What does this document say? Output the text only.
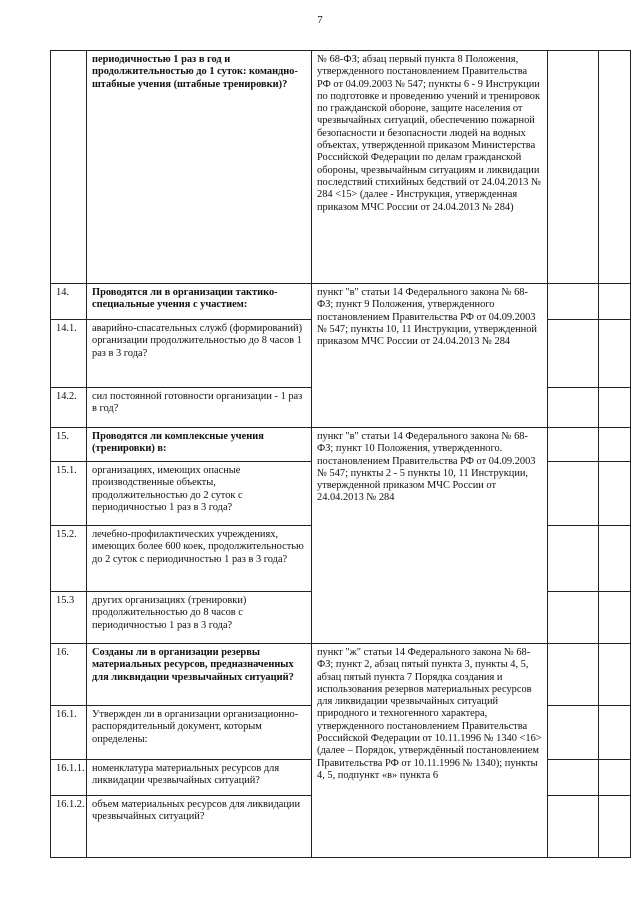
7
	периодичностью 1 раз в год и продолжительностью до 1 суток: командно-штабные учения (штабные тренировки)?	№ 68-ФЗ; абзац первый пункта 8 Положения, утвержденного постановлением Правительства РФ от 04.09.2003 № 547; пункты 6 - 9 Инструкции по подготовке и проведению учений и тренировок по гражданской обороне, защите населения от чрезвычайных ситуаций, обеспечению пожарной безопасности и безопасности людей на водных объектах, утвержденной приказом Министерства Российской Федерации по делам гражданской обороны, чрезвычайным ситуациям и ликвидации последствий стихийных бедствий от 24.04.2013 № 284 <15> (далее - Инструкция, утвержденная приказом МЧС России от 24.04.2013 № 284)		
14.	Проводятся ли в организации тактико-специальные учения с участием:	пункт "в" статьи 14 Федерального закона № 68-ФЗ; пункт 9 Положения, утвержденного постановлением Правительства РФ от 04.09.2003 № 547; пункты 10, 11 Инструкции, утвержденной приказом МЧС России от 24.04.2013 № 284		
14.1.	аварийно-спасательных служб (формирований) организации продолжительностью до 8 часов 1 раз в 3 года?			
14.2.	сил постоянной готовности организации - 1 раз в год?			
15.	Проводятся ли комплексные учения (тренировки) в:	пункт "в" статьи 14 Федерального закона № 68-ФЗ; пункт 10 Положения, утвержденного. постановлением Правительства РФ от 04.09.2003 № 547; пункты 2 - 5 пункты 10, 11 Инструкции, утвержденной приказом МЧС России от 24.04.2013 № 284		
15.1.	организациях, имеющих опасные производственные объекты, продолжительностью до 2 суток с периодичностью 1 раз в 3 года?			
15.2.	лечебно-профилактических учреждениях, имеющих более 600 коек, продолжительностью до 2 суток с периодичностью 1 раз в 3 года?			
15.3	других организациях (тренировки) продолжительностью до 8 часов с периодичностью 1 раз в 3 года?			
16.	Созданы ли в организации резервы материальных ресурсов, предназначенных для ликвидации чрезвычайных ситуаций?	пункт "ж" статьи 14 Федерального закона № 68-ФЗ; пункт 2, абзац пятый пункта 3, пункты 4, 5, абзац пятый пункта 7 Порядка создания и использования резервов материальных ресурсов для ликвидации чрезвычайных ситуаций природного и техногенного характера, утвержденного постановлением Правительства Российской Федерации от 10.11.1996 № 1340 <16> (далее – Порядок, утверждённый постановлением Правительства РФ от 10.11.1996 № 1340); пункты 4, 5, подпункт «в» пункта 6		
16.1.	Утвержден ли в организации организационно-распорядительный документ, которым определены:			
16.1.1.	номенклатура материальных ресурсов для ликвидации чрезвычайных ситуаций?			
16.1.2.	объем материальных ресурсов для ликвидации чрезвычайных ситуаций?			
